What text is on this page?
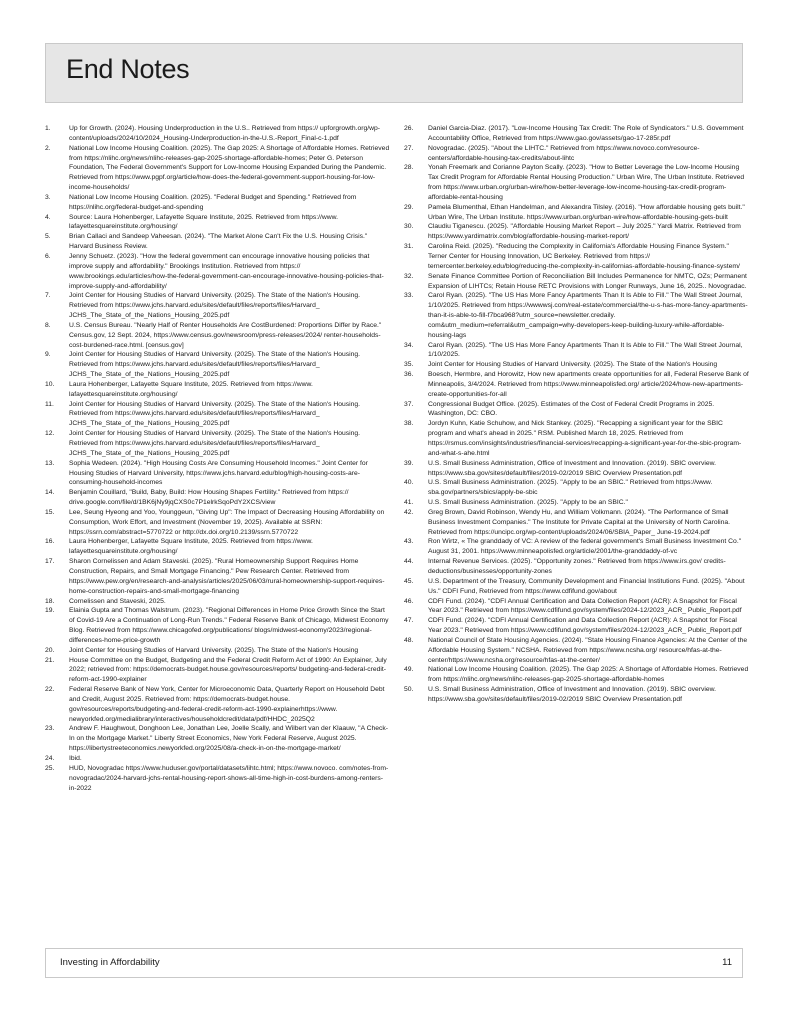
End Notes
1.	Up for Growth. (2024). Housing Underproduction in the U.S.. Retrieved from https:// upforgrowth.org/wp-content/uploads/2024/10/2024_Housing-Underproduction-in-the-U.S.-Report_Final-c-1.pdf
2.	National Low Income Housing Coalition. (2025). The Gap 2025: A Shortage of Affordable Homes. Retrieved from https://nlihc.org/news/nlihc-releases-gap-2025-shortage-affordable-homes; Peter G. Peterson Foundation, The Federal Government's Support for Low-Income Housing Expanded During the Pandemic. Retrieved from https://www.pgpf.org/article/how-does-the-federal-government-support-housing-for-low-income-households/
3.	National Low Income Housing Coalition. (2025). "Federal Budget and Spending." Retrieved from https://nlihc.org/federal-budget-and-spending
4.	Source: Laura Hohenberger, Lafayette Square Institute, 2025. Retrieved from https://www. lafayettesquareinstitute.org/housing/
5.	Brian Callaci and Sandeep Vaheesan. (2024). "The Market Alone Can't Fix the U.S. Housing Crisis." Harvard Business Review.
6.	Jenny Schuetz. (2023). "How the federal government can encourage innovative housing policies that improve supply and affordability." Brookings Institution. Retrieved from https:// www.brookings.edu/articles/how-the-federal-government-can-encourage-innovative-housing-policies-that-improve-supply-and-affordability/
7.	Joint Center for Housing Studies of Harvard University. (2025). The State of the Nation's Housing. Retrieved from https://www.jchs.harvard.edu/sites/default/files/reports/files/Harvard_ JCHS_The_State_of_the_Nations_Housing_2025.pdf
8.	U.S. Census Bureau. "Nearly Half of Renter Households Are CostBurdened: Proportions Differ by Race." Census.gov, 12 Sept. 2024, https://www.census.gov/newsroom/press-releases/2024/ renter-households-cost-burdened-race.html. [census.gov]
9.	Joint Center for Housing Studies of Harvard University. (2025). The State of the Nation's Housing. Retrieved from https://www.jchs.harvard.edu/sites/default/files/reports/files/Harvard_ JCHS_The_State_of_the_Nations_Housing_2025.pdf
10. Laura Hohenberger, Lafayette Square Institute, 2025. Retrieved from https://www. lafayettesquareinstitute.org/housing/
11. Joint Center for Housing Studies of Harvard University. (2025). The State of the Nation's Housing. Retrieved from https://www.jchs.harvard.edu/sites/default/files/reports/files/Harvard_ JCHS_The_State_of_the_Nations_Housing_2025.pdf
12. Joint Center for Housing Studies of Harvard University. (2025). The State of the Nation's Housing. Retrieved from https://www.jchs.harvard.edu/sites/default/files/reports/files/Harvard_ JCHS_The_State_of_the_Nations_Housing_2025.pdf
13. Sophia Wedeen. (2024). "High Housing Costs Are Consuming Household Incomes." Joint Center for Housing Studies of Harvard University, https://www.jchs.harvard.edu/blog/high-housing-costs-are-consuming-household-incomes
14. Benjamin Couillard, "Build, Baby, Build: How Housing Shapes Fertility." Retrieved from https:// drive.google.com/file/d/1BK6jNy9jqCXS0c7P1elrkSqoPdY2XCS/view
15. Lee, Seung Hyeong and Yoo, Younggeun, "Giving Up": The Impact of Decreasing Housing Affordability on Consumption, Work Effort, and Investment (November 19, 2025). Available at SSRN: https://ssrn.com/abstract=5770722 or http://dx.doi.org/10.2139/ssrn.5770722
16. Laura Hohenberger, Lafayette Square Institute, 2025. Retrieved from https://www. lafayettesquareinstitute.org/housing/
17. Sharon Cornelissen and Adam Staveski. (2025). "Rural Homeownership Support Requires Home Construction, Repairs, and Small Mortgage Financing." Pew Research Center. Retrieved from https://www.pew.org/en/research-and-analysis/articles/2025/06/03/rural-homeownership-support-requires-home-construction-repairs-and-small-mortgage-financing
18. Cornelissen and Staveski, 2025.
19. Elainia Gupta and Thomas Walstrum. (2023). "Regional Differences in Home Price Growth Since the Start of Covid-19 Are a Continuation of Long-Run Trends." Federal Reserve Bank of Chicago, Midwest Economy Blog. Retrieved from https://www.chicagofed.org/publications/ blogs/midwest-economy/2023/regional-differences-home-price-growth
20. Joint Center for Housing Studies of Harvard University. (2025). The State of the Nation's Housing
21. House Committee on the Budget, Budgeting and the Federal Credit Reform Act of 1990: An Explainer, July 2022; retrieved from: https://democrats-budget.house.gov/resources/reports/ budgeting-and-federal-credit-reform-act-1990-explainer
22. Federal Reserve Bank of New York, Center for Microeconomic Data, Quarterly Report on Household Debt and Credit, August 2025. Retrieved from: https://democrats-budget.house. gov/resources/reports/budgeting-and-federal-credit-reform-act-1990-explainerhttps://www. newyorkfed.org/medialibrary/interactives/householdcredit/data/pdf/HHDC_2025Q2
23. Andrew F. Haughwout, Donghoon Lee, Jonathan Lee, Joelle Scally, and Wilbert van der Klaauw, "A Check-In on the Mortgage Market." Liberty Street Economics, New York Federal Reserve, August 2025. https://libertystreeteconomics.newyorkfed.org/2025/08/a-check-in-on-the-mortgage-market/
24. Ibid.
25. HUD, Novogradac https://www.huduser.gov/portal/datasets/lihtc.html; https://www.novoco. com/notes-from-novogradac/2024-harvard-jchs-rental-housing-report-shows-all-time-high-in-cost-burdens-among-renters-in-2022
26. Daniel Garcia-Diaz. (2017). "Low-Income Housing Tax Credit: The Role of Syndicators." U.S. Government Accountability Office, Retrieved from https://www.gao.gov/assets/gao-17-285r.pdf
27. Novogradac. (2025). "About the LIHTC." Retrieved from https://www.novoco.com/resource-centers/affordable-housing-tax-credits/about-lihtc
28. Yonah Freemark and Corianne Payton Scally. (2023). "How to Better Leverage the Low-Income Housing Tax Credit Program for Affordable Rental Housing Production." Urban Wire, The Urban Institute. Retrieved from https://www.urban.org/urban-wire/how-better-leverage-low-income-housing-tax-credit-program-affordable-rental-housing
29. Pamela Blumenthal, Ethan Handelman, and Alexandra Tilsley. (2016). "How affordable housing gets built." Urban Wire, The Urban Institute. https://www.urban.org/urban-wire/how-affordable-housing-gets-built
30. Claudiu Tiganescu. (2025). "Affordable Housing Market Report – July 2025." Yardi Matrix. Retrieved from https://www.yardimatrix.com/blog/affordable-housing-market-report/
31. Carolina Reid. (2025). "Reducing the Complexity in California's Affordable Housing Finance System." Terner Center for Housing Innovation, UC Berkeley. Retrieved from https:// ternercenter.berkeley.edu/blog/reducing-the-complexity-in-californias-affordable-housing-finance-system/
32. Senate Finance Committee Portion of Reconciliation Bill Includes Permanence for NMTC, OZs; Permanent Expansion of LIHTCs; Retain House RETC Provisions with Longer Runways, June 16, 2025.. Novogradac.
33. Carol Ryan. (2025). "The US Has More Fancy Apartments Than It Is Able to Fill." The Wall Street Journal, 1/10/2025. Retrieved from https://wwwwsj.com/real-estate/commercial/the-u-s-has-more-fancy-apartments-than-it-is-able-to-fill-f7bca968?utm_source=newsletter.credaily. com&utm_medium=referral&utm_campaign=why-developers-keep-building-luxury-while-affordable-housing-lags
34. Carol Ryan. (2025). "The US Has More Fancy Apartments Than It Is Able to Fill." The Wall Street Journal, 1/10/2025.
35. Joint Center for Housing Studies of Harvard University. (2025). The State of the Nation's Housing
36. Boesch, Hermbre, and Horowitz, How new apartments create opportunities for all, Federal Reserve Bank of Minneapolis, 3/4/2024. Retrieved from https://www.minneapolisfed.org/ article/2024/how-new-apartments-create-opportunities-for-all
37. Congressional Budget Office. (2025). Estimates of the Cost of Federal Credit Programs in 2025. Washington, DC: CBO.
38. Jordyn Kuhn, Katie Schuhow, and Nick Stankey. (2025). "Recapping a significant year for the SBIC program and what's ahead in 2025." RSM. Published March 18, 2025. Retrieved from https://rsmus.com/insights/industries/financial-services/recapping-a-significant-year-for-the-sbic-program-and-what-s-ahe.html
39. U.S. Small Business Administration, Office of Investment and Innovation. (2019). SBIC overview. https://www.sba.gov/sites/default/files/2019-02/2019 SBIC Overview Presentation.pdf
40. U.S. Small Business Administration. (2025). "Apply to be an SBIC." Retrieved from https://www. sba.gov/partners/sbics/apply-be-sbic
41. U.S. Small Business Administration. (2025). "Apply to be an SBIC."
42. Greg Brown, David Robinson, Wendy Hu, and William Volkmann. (2024). "The Performance of Small Business Investment Companies." The Institute for Private Capital at the University of North Carolina. Retrieved from https://uncipc.org/wp-content/uploads/2024/06/SBIA_Paper_ June-19-2024.pdf
43. Ron Wirtz, « The granddady of VC: A review of the federal government's Small Business Investment Co." August 31, 2001. https://www.minneapolisfed.org/article/2001/the-granddaddy-of-vc
44. Internal Revenue Services. (2025). "Opportunity zones." Retrieved from https://www.irs.gov/ credits-deductions/businesses/opportunity-zones
45. U.S. Department of the Treasury, Community Development and Financial Institutions Fund. (2025). "About Us." CDFI Fund, Retrieved from https://www.cdfifund.gov/about
46. CDFI Fund. (2024). "CDFI Annual Certification and Data Collection Report (ACR): A Snapshot for Fiscal Year 2023." Retrieved from https://www.cdfifund.gov/system/files/2024-12/2023_ACR_ Public_Report.pdf
47. CDFI Fund. (2024). "CDFI Annual Certification and Data Collection Report (ACR): A Snapshot for Fiscal Year 2023." Retrieved from https://www.cdfifund.gov/system/files/2024-12/2023_ACR_ Public_Report.pdf
48. National Council of State Housing Agencies. (2024). "State Housing Finance Agencies: At the Center of the Affordable Housing System." NCSHA. Retrieved from https://www.ncsha.org/ resource/hfas-at-the-center/https://www.ncsha.org/resource/hfas-at-the-center/
49. National Low Income Housing Coalition. (2025). The Gap 2025: A Shortage of Affordable Homes. Retrieved from https://nlihc.org/news/nlihc-releases-gap-2025-shortage-affordable-homes
50. U.S. Small Business Administration, Office of Investment and Innovation. (2019). SBIC overview. https://www.sba.gov/sites/default/files/2019-02/2019 SBIC Overview Presentation.pdf
Investing in Affordability	11
